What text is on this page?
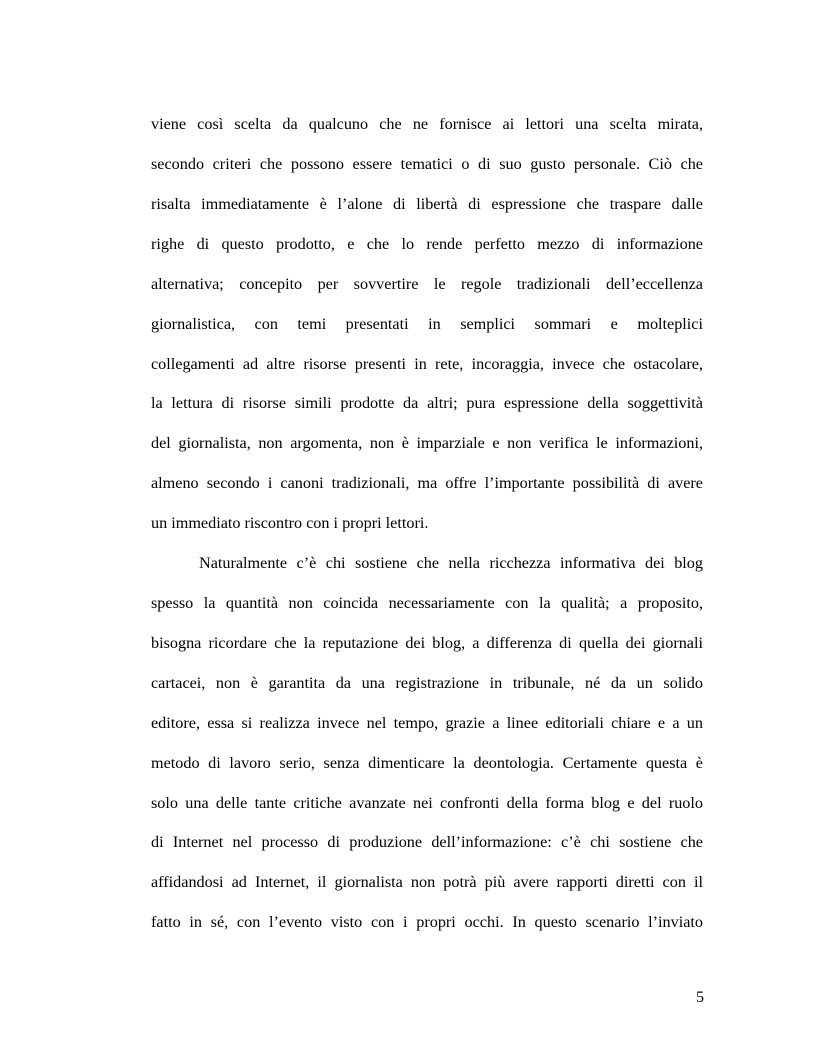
viene così scelta da qualcuno che ne fornisce ai lettori una scelta mirata,
secondo criteri che possono essere tematici o di suo gusto personale. Ciò che
risalta immediatamente è l’alone di libertà di espressione che traspare dalle
righe di questo prodotto, e che lo rende perfetto mezzo di informazione
alternativa; concepito per sovvertire le regole tradizionali dell’eccellenza
giornalistica, con temi presentati in semplici sommari e molteplici
collegamenti ad altre risorse presenti in rete, incoraggia, invece che ostacolare,
la lettura di risorse simili prodotte da altri; pura espressione della soggettività
del giornalista, non argomenta, non è imparziale e non verifica le informazioni,
almeno secondo i canoni tradizionali, ma offre l’importante possibilità di avere
un immediato riscontro con i propri lettori.
Naturalmente c’è chi sostiene che nella ricchezza informativa dei blog
spesso la quantità non coincida necessariamente con la qualità; a proposito,
bisogna ricordare che la reputazione dei blog, a differenza di quella dei giornali
cartacei, non è garantita da una registrazione in tribunale, né da un solido
editore, essa si realizza invece nel tempo, grazie a linee editoriali chiare e a un
metodo di lavoro serio, senza dimenticare la deontologia. Certamente questa è
solo una delle tante critiche avanzate nei confronti della forma blog e del ruolo
di Internet nel processo di produzione dell’informazione: c’è chi sostiene che
affidandosi ad Internet, il giornalista non potrà più avere rapporti diretti con il
fatto in sé, con l’evento visto con i propri occhi. In questo scenario l’inviato
5
